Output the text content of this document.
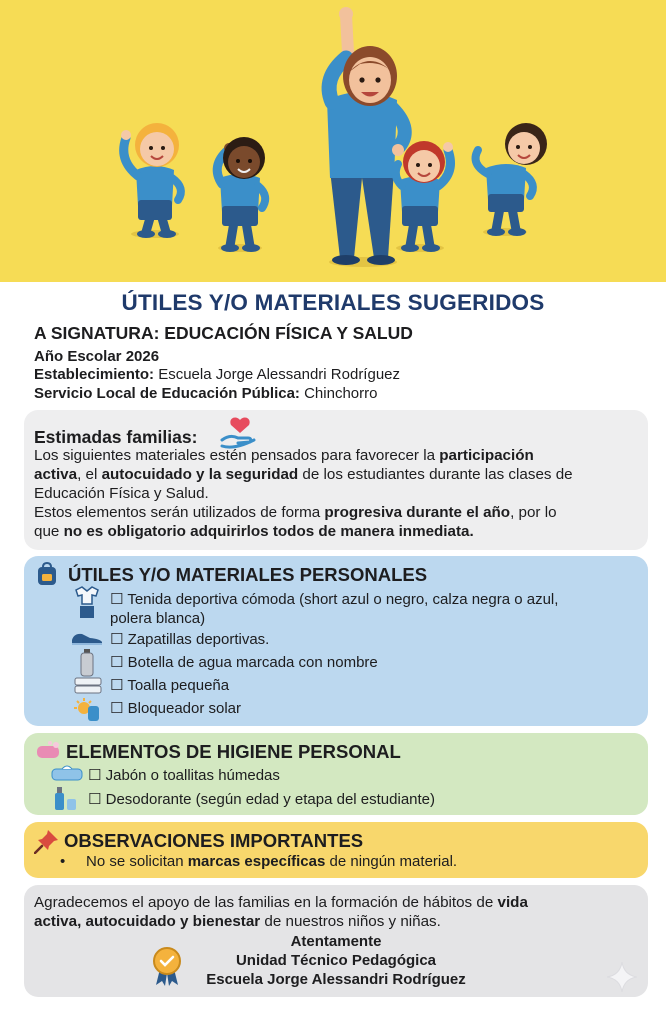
ÚTILES Y/O MATERIALES SUGERIDOS
A SIGNATURA: EDUCACIÓN FÍSICA Y SALUD
Año Escolar 2026
Establecimiento: Escuela Jorge Alessandri Rodríguez
Servicio Local de Educación Pública: Chinchorro
Estimadas familias:
Los siguientes materiales estén pensados para favorecer la participación
activa, el autocuidado y la seguridad de los estudiantes durante las clases de
Educación Física y Salud.
Estos elementos serán utilizados de forma progresiva durante el año, por lo
que no es obligatorio adquirirlos todos de manera inmediata.
ÚTILES Y/O MATERIALES PERSONALES
☐ Tenida deportiva cómoda (short azul o negro, calza negra o azul,
polera blanca)
☐ Zapatillas deportivas.
☐ Botella de agua marcada con nombre
☐ Toalla pequeña
☐ Bloqueador solar
ELEMENTOS DE HIGIENE PERSONAL
☐ Jabón o toallitas húmedas
☐ Desodorante (según edad y etapa del estudiante)
OBSERVACIONES IMPORTANTES
• No se solicitan marcas específicas de ningún material.
Agradecemos el apoyo de las familias en la formación de hábitos de vida
activa, autocuidado y bienestar de nuestros niños y niñas.
Atentamente
Unidad Técnico Pedagógica
Escuela Jorge Alessandri Rodríguez
